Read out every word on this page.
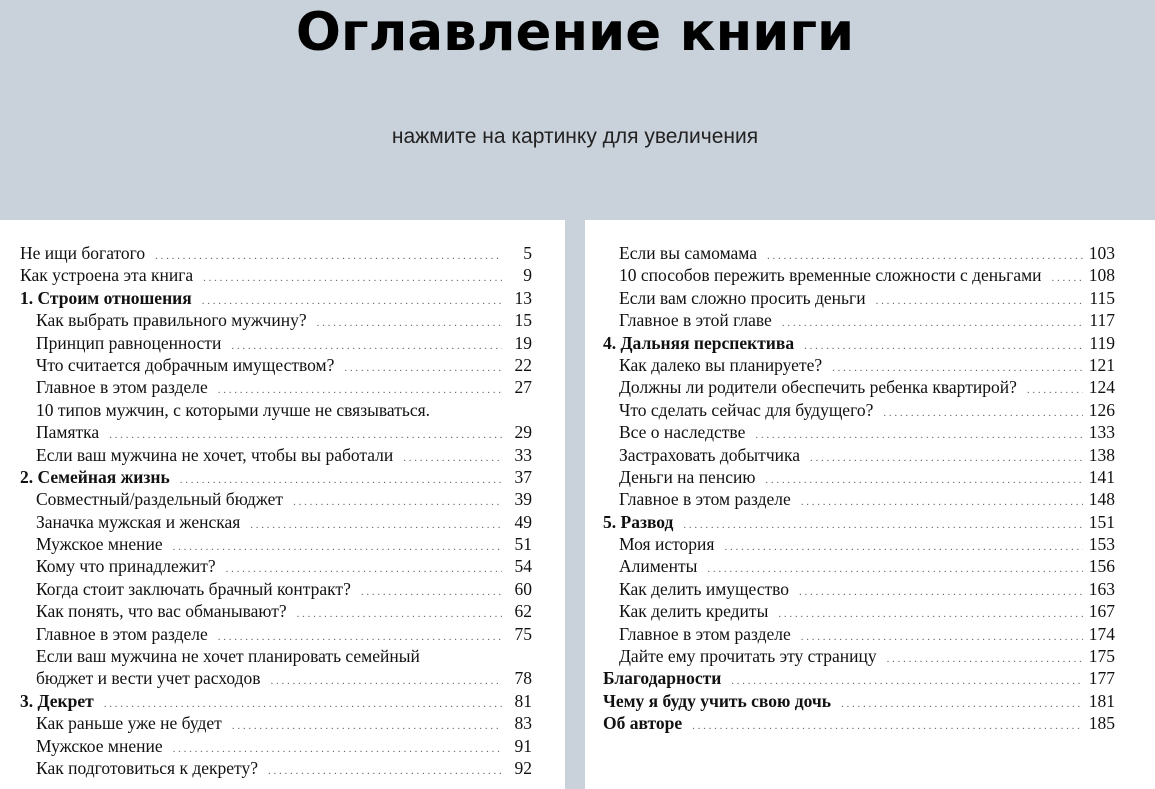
Оглавление книги
нажмите на картинку для увеличения
Не ищи богатого . . .	5
Как устроена эта книга . . .	9
1. Строим отношения . . .	13
Как выбрать правильного мужчину? . . .	15
Принцип равноценности . . .	19
Что считается добрачным имуществом? . . .	22
Главное в этом разделе . . .	27
10 типов мужчин, с которыми лучше не связываться.
Памятка . . .	29
Если ваш мужчина не хочет, чтобы вы работали . . .	33
2. Семейная жизнь . . .	37
Совместный/раздельный бюджет . . .	39
Заначка мужская и женская . . .	49
Мужское мнение . . .	51
Кому что принадлежит? . . .	54
Когда стоит заключать брачный контракт? . . .	60
Как понять, что вас обманывают? . . .	62
Главное в этом разделе . . .	75
Если ваш мужчина не хочет планировать семейный
бюджет и вести учет расходов . . .	78
3. Декрет . . .	81
Как раньше уже не будет . . .	83
Мужское мнение . . .	91
Как подготовиться к декрету? . . .	92
Если вы самомама . . .	103
10 способов пережить временные сложности с деньгами . . .	108
Если вам сложно просить деньги . . .	115
Главное в этой главе . . .	117
4. Дальняя перспектива . . .	119
Как далеко вы планируете? . . .	121
Должны ли родители обеспечить ребенка квартирой? . . .	124
Что сделать сейчас для будущего? . . .	126
Все о наследстве . . .	133
Застраховать добытчика . . .	138
Деньги на пенсию . . .	141
Главное в этом разделе . . .	148
5. Развод . . .	151
Моя история . . .	153
Алименты . . .	156
Как делить имущество . . .	163
Как делить кредиты . . .	167
Главное в этом разделе . . .	174
Дайте ему прочитать эту страницу . . .	175
Благодарности . . .	177
Чему я буду учить свою дочь . . .	181
Об авторе . . .	185
